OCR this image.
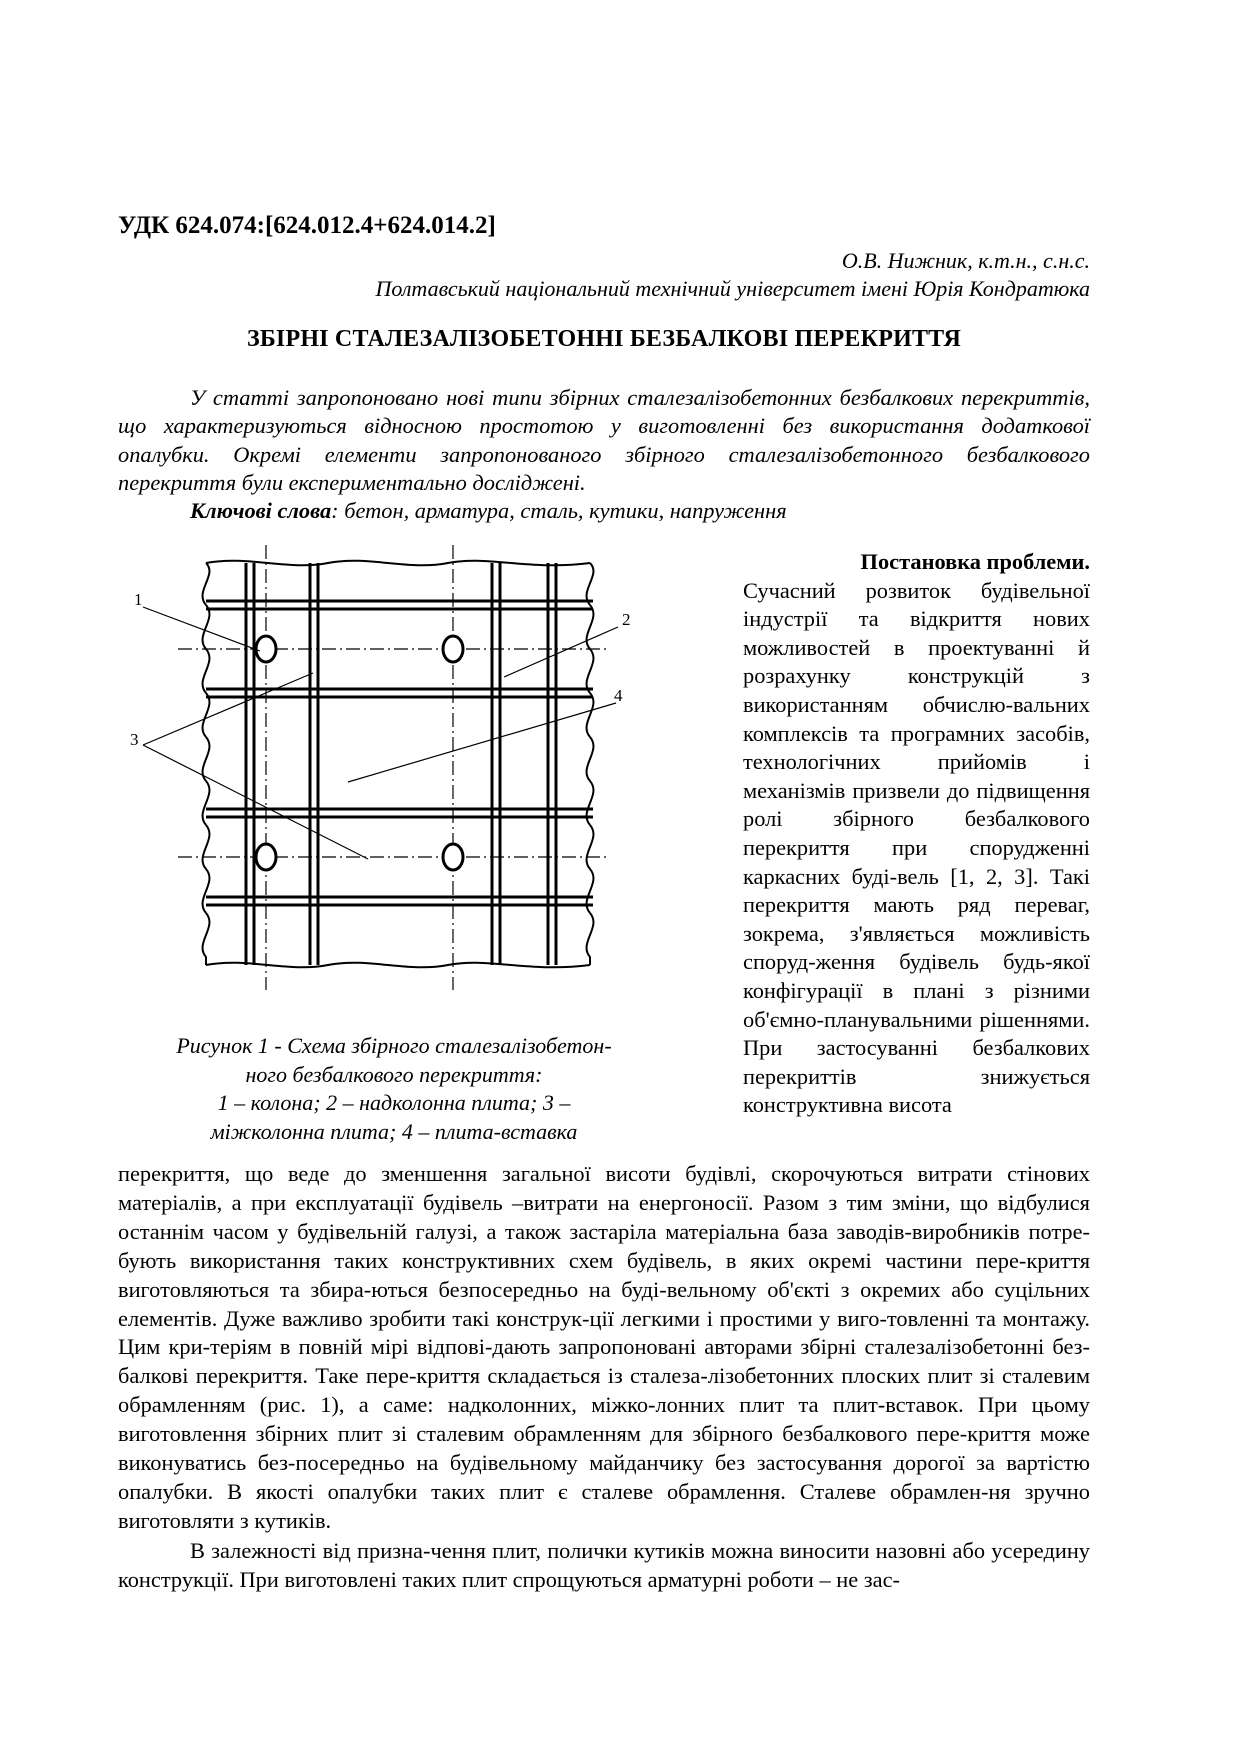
УДК 624.074:[624.012.4+624.014.2]
О.В. Нижник, к.т.н., с.н.с.
Полтавський національний технічний університет імені Юрія Кондратюка
ЗБІРНІ СТАЛЕЗАЛІЗОБЕТОННІ БЕЗБАЛКОВІ ПЕРЕКРИТТЯ

У статті запропоновано нові типи збірних сталезалізобетонних безбалкових перекриттів, що характеризуються відносною простотою у виготовленні без використання додаткової опалубки. Окремі елементи запропонованого збірного сталезалізобетонного безбалкового перекриття були експериментально досліджені.

Ключові слова: бетон, арматура, сталь, кутики, напруження
1
2
3
4
Рисунок 1 - Схема збірного сталезалізобетон-
ного безбалкового перекриття:
1 – колона; 2 – надколонна плита; 3 –
міжколонна плита; 4 – плита-вставка

Постановка проблеми.
Сучасний розвиток будівельної індустрії та відкриття нових можливостей в проектуванні й розрахунку конструкцій з використанням обчислю-вальних комплексів та програмних засобів, технологічних прийомів і механізмів призвели до підвищення ролі збірного безбалкового перекриття при спорудженні каркасних буді-вель [1, 2, 3]. Такі перекриття мають ряд переваг, зокрема, з'являється можливість споруд-ження будівель будь-якої конфігурації в плані з різними об'ємно-планувальними рішеннями. При застосуванні безбалкових перекриттів знижується конструктивна висота

перекриття, що веде до зменшення загальної висоти будівлі, скорочуються витрати стінових матеріалів, а при експлуатації будівель –витрати на енергоносії. Разом з тим зміни, що відбулися останнім часом у будівельній галузі, а також застаріла матеріальна база заводів-виробників потре-бують використання таких конструктивних схем будівель, в яких окремі частини пере-криття виготовляються та збира-ються безпосередньо на буді-вельному об'єкті з окремих або суцільних елементів. Дуже важливо зробити такі конструк-ції легкими і простими у виго-товленні та монтажу. Цим кри-теріям в повній мірі відпові-дають запропоновані авторами збірні сталезалізобетонні без-балкові перекриття. Таке пере-криття складається із сталеза-лізобетонних плоских плит зі сталевим обрамленням (рис. 1), а саме: надколонних, міжко-лонних плит та плит-вставок. При цьому виготовлення збірних плит зі сталевим обрамленням для збірного безбалкового пере-криття може виконуватись без-посередньо на будівельному майданчику без застосування дорогої за вартістю опалубки. В якості опалубки таких плит є сталеве обрамлення. Сталеве обрамлен-ня зручно виготовляти з кутиків.

В залежності від призна-чення плит, полички кутиків можна виносити назовні або усередину конструкції. При виготовлені таких плит спрощуються арматурні роботи – не зас-
